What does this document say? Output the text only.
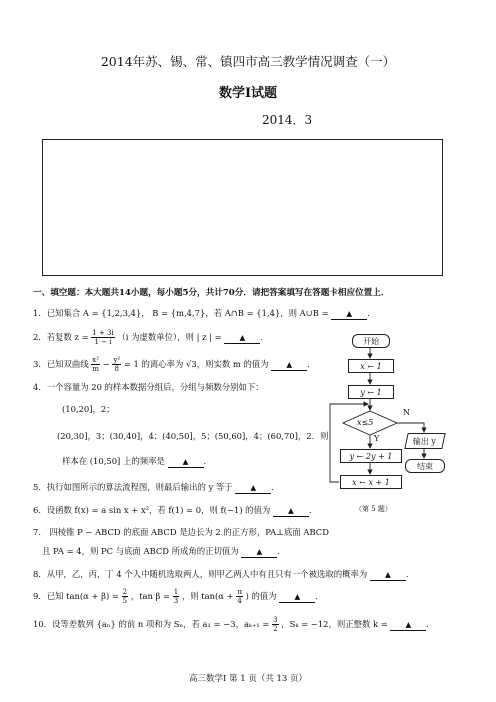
2014年苏、锡、常、镇四市高三教学情况调查（一）
数学Ⅰ试题
2014．3
一、填空题：本大题共14小题，每小题5分，共计70分．请把答案填写在答题卡相应位置上．
1．已知集合 A = {1,2,3,4}， B = {m,4,7}，若 A∩B = {1,4}，则 A∪B = ▲ ．
2．若复数 $z = \frac{1 + 3i}{1 - i} (i$ 为虚数单位），则 | z | = ▲ ．
3．已知双曲线 $\frac{\text{x²}}{m} - \frac{\text{y²}}{8} = 1$ 的离心率为 √3，则实数 m 的值为 ▲ ．
4．一个容量为 20 的样本数据分组后，分组与频数分别如下：
(10,20]，2；
(20,30]，3；(30,40]，4；(40,50]，5；(50,60]，4；(60,70]，2．则
样本在 (10,50] 上的频率是 ▲ ．
5．执行如图所示的算法流程图，则最后输出的 y 等于 ▲ ．
6．设函数 f(x) = a sin x + x²，若 f(1) = 0，则 f(−1) 的值为 ▲ ．
7． 四棱锥 P − ABCD 的底面 ABCD 是边长为 2 的正方形，PA⊥底面 ABCD
且 PA = 4，则 PC 与底面 ABCD 所成角的正切值为 ▲ ．
8．从甲，乙，丙，丁 4 个人中随机选取两人，则甲乙两人中有且只有一个被选取的概率为 ▲ ．
9．已知 $\tan(\alpha + \beta) = \frac{2}{5}$ ，$\tan \beta = \frac{1}{3}$ ，则 $\tan(\alpha + \frac{\pi}{4}$ ) 的值为 ▲ ．
10．设等差数列 {aₙ} 的前 n 项和为 Sₙ，若 a₁ = −3，$a_{k+1} = \frac{3}{2}$ ，Sₖ = −12，则正整数 k = ▲ ．
开始
x ← 1
y ← 1
x≤5
Y
N
y ← 2y + 1
x ← x + 1
输出 y
结束
（第 5 题）
高三数学Ⅰ 第 1 页（共 13 页）
